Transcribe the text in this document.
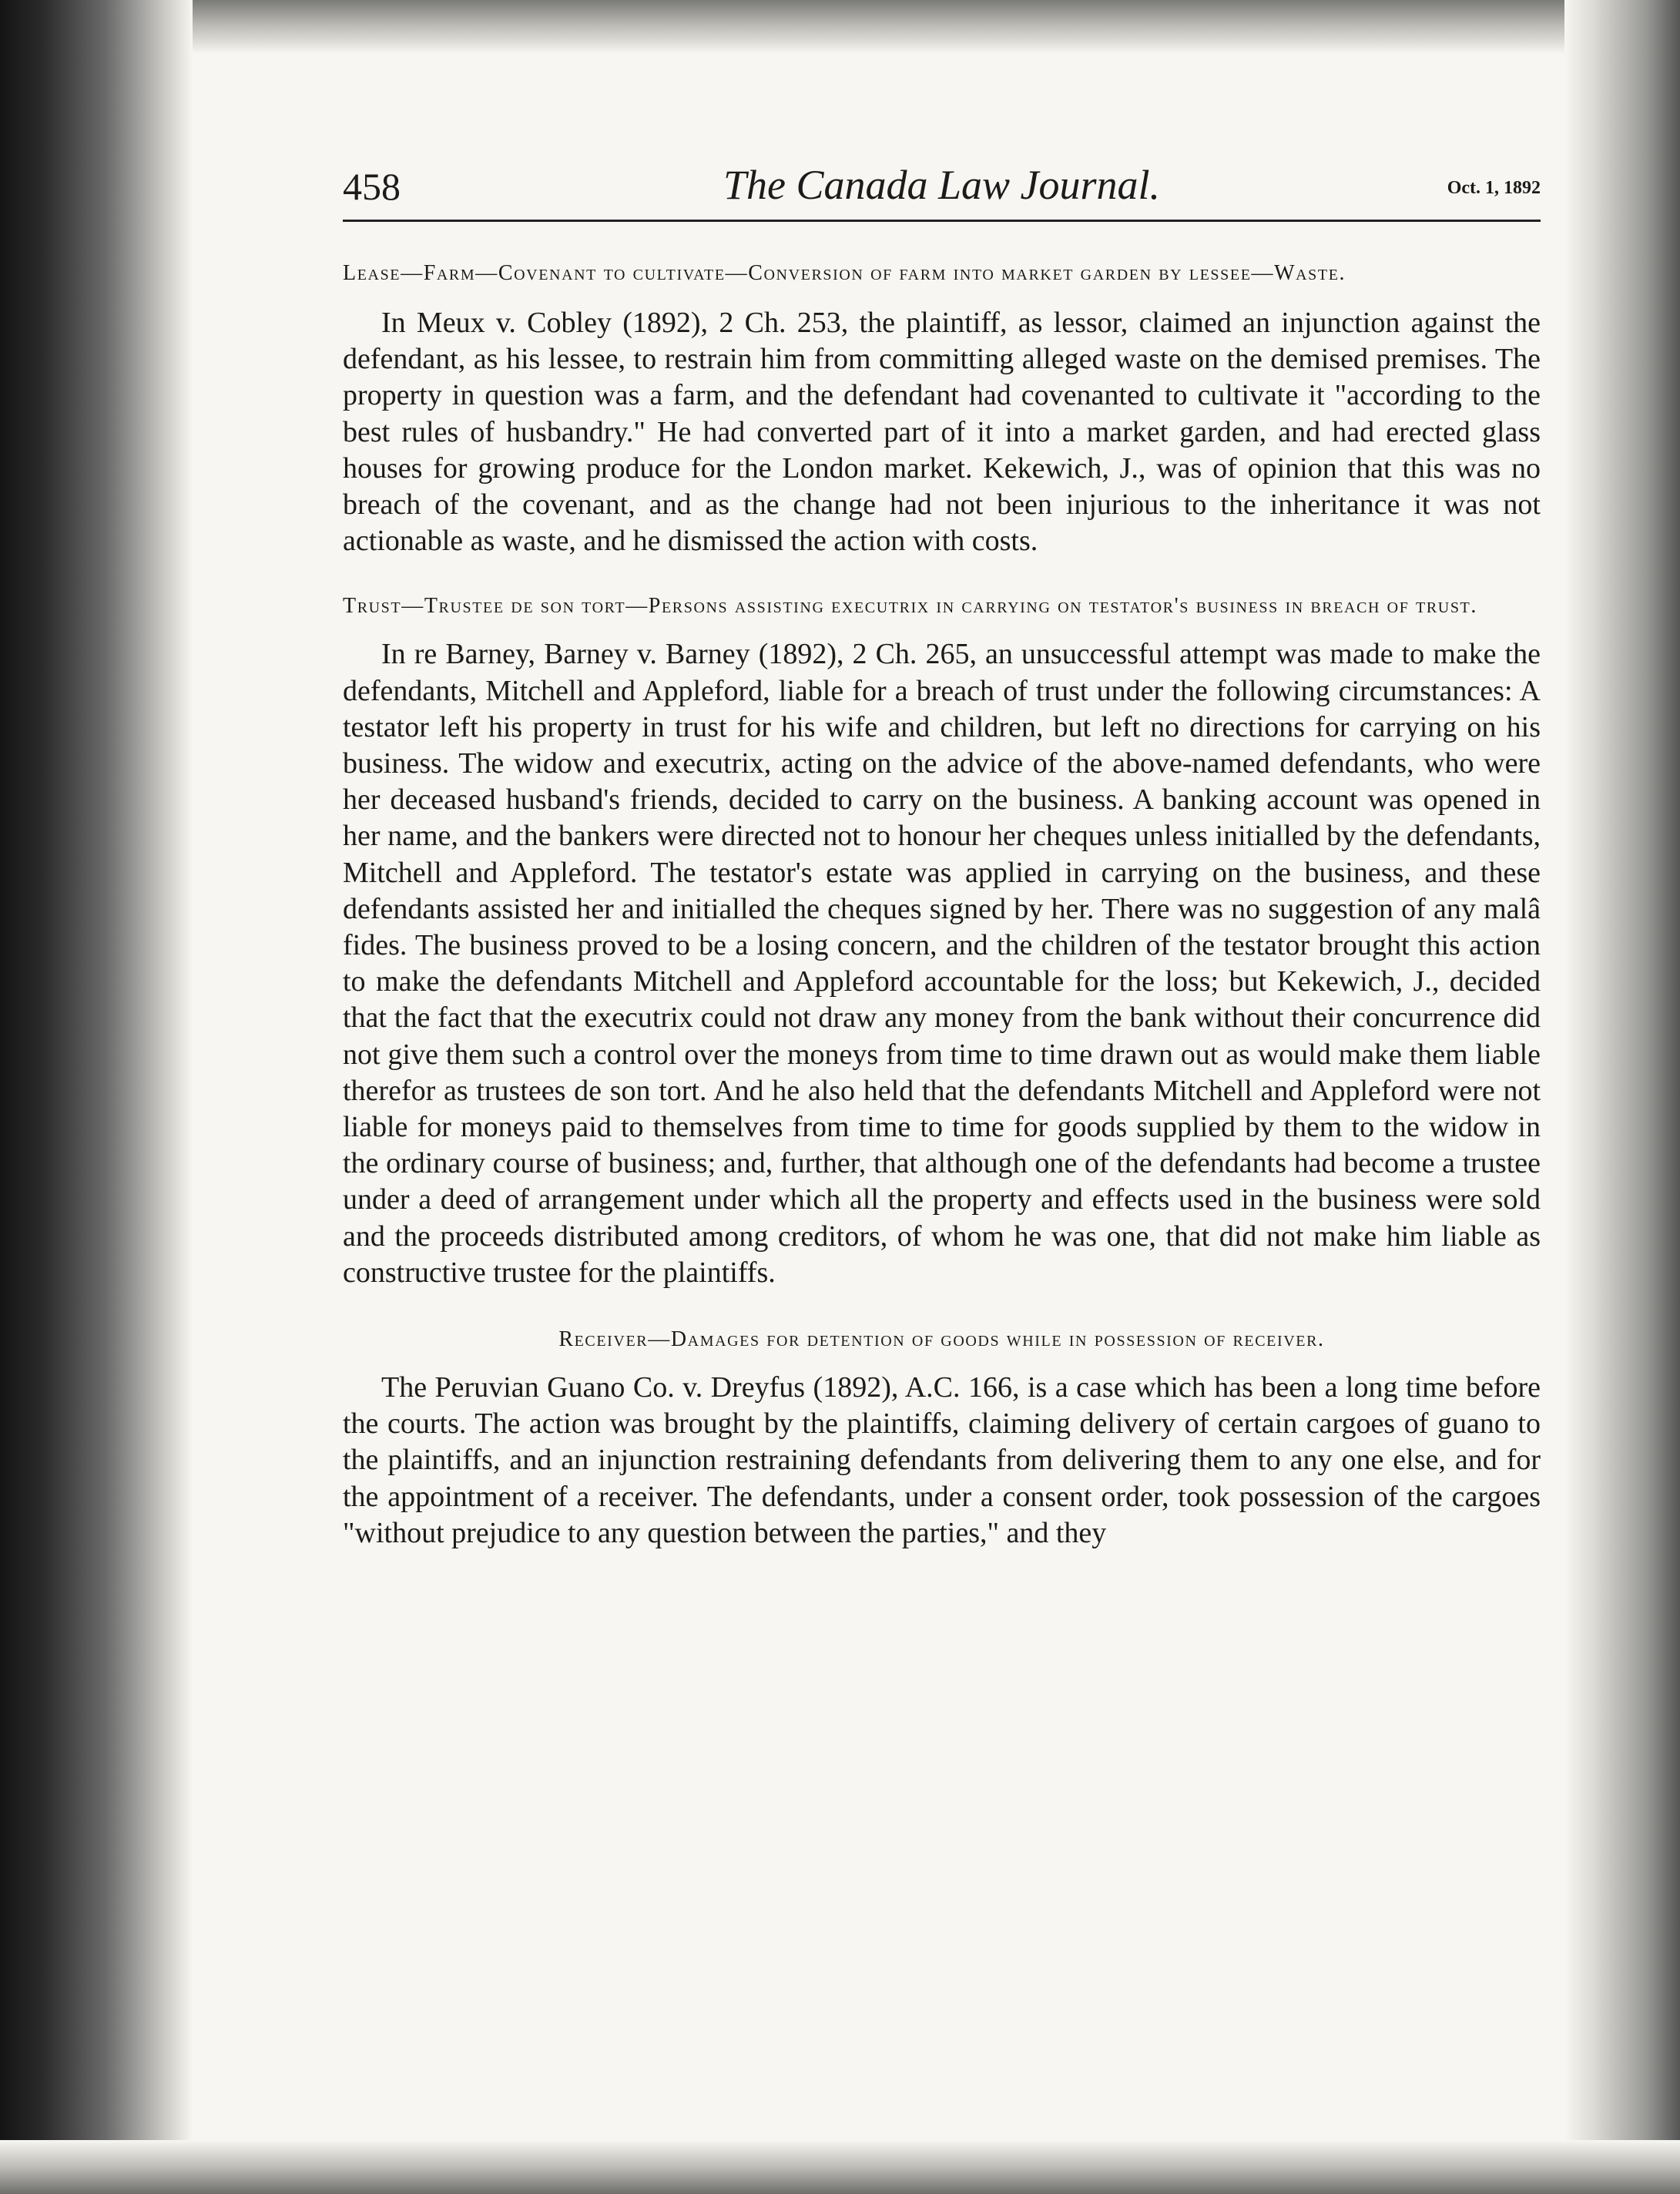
458	The Canada Law Journal.	Oct. 1, 1892

Lease—Farm—Covenant to cultivate—Conversion of farm into market garden by lessee—Waste.

In Meux v. Cobley (1892), 2 Ch. 253, the plaintiff, as lessor, claimed an injunction against the defendant, as his lessee, to restrain him from committing alleged waste on the demised premises. The property in question was a farm, and the defendant had covenanted to cultivate it "according to the best rules of husbandry." He had converted part of it into a market garden, and had erected glass houses for growing produce for the London market. Kekewich, J., was of opinion that this was no breach of the covenant, and as the change had not been injurious to the inheritance it was not actionable as waste, and he dismissed the action with costs.

Trust—Trustee de son tort—Persons assisting executrix in carrying on testator's business in breach of trust.

In re Barney, Barney v. Barney (1892), 2 Ch. 265, an unsuccessful attempt was made to make the defendants, Mitchell and Appleford, liable for a breach of trust under the following circumstances: A testator left his property in trust for his wife and children, but left no directions for carrying on his business. The widow and executrix, acting on the advice of the above-named defendants, who were her deceased husband's friends, decided to carry on the business. A banking account was opened in her name, and the bankers were directed not to honour her cheques unless initialled by the defendants, Mitchell and Appleford. The testator's estate was applied in carrying on the business, and these defendants assisted her and initialled the cheques signed by her. There was no suggestion of any malâ fides. The business proved to be a losing concern, and the children of the testator brought this action to make the defendants Mitchell and Appleford accountable for the loss; but Kekewich, J., decided that the fact that the executrix could not draw any money from the bank without their concurrence did not give them such a control over the moneys from time to time drawn out as would make them liable therefor as trustees de son tort. And he also held that the defendants Mitchell and Appleford were not liable for moneys paid to themselves from time to time for goods supplied by them to the widow in the ordinary course of business; and, further, that although one of the defendants had become a trustee under a deed of arrangement under which all the property and effects used in the business were sold and the proceeds distributed among creditors, of whom he was one, that did not make him liable as constructive trustee for the plaintiffs.

Receiver—Damages for detention of goods while in possession of receiver.

The Peruvian Guano Co. v. Dreyfus (1892), A.C. 166, is a case which has been a long time before the courts. The action was brought by the plaintiffs, claiming delivery of certain cargoes of guano to the plaintiffs, and an injunction restraining defendants from delivering them to any one else, and for the appointment of a receiver. The defendants, under a consent order, took possession of the cargoes "without prejudice to any question between the parties," and they
